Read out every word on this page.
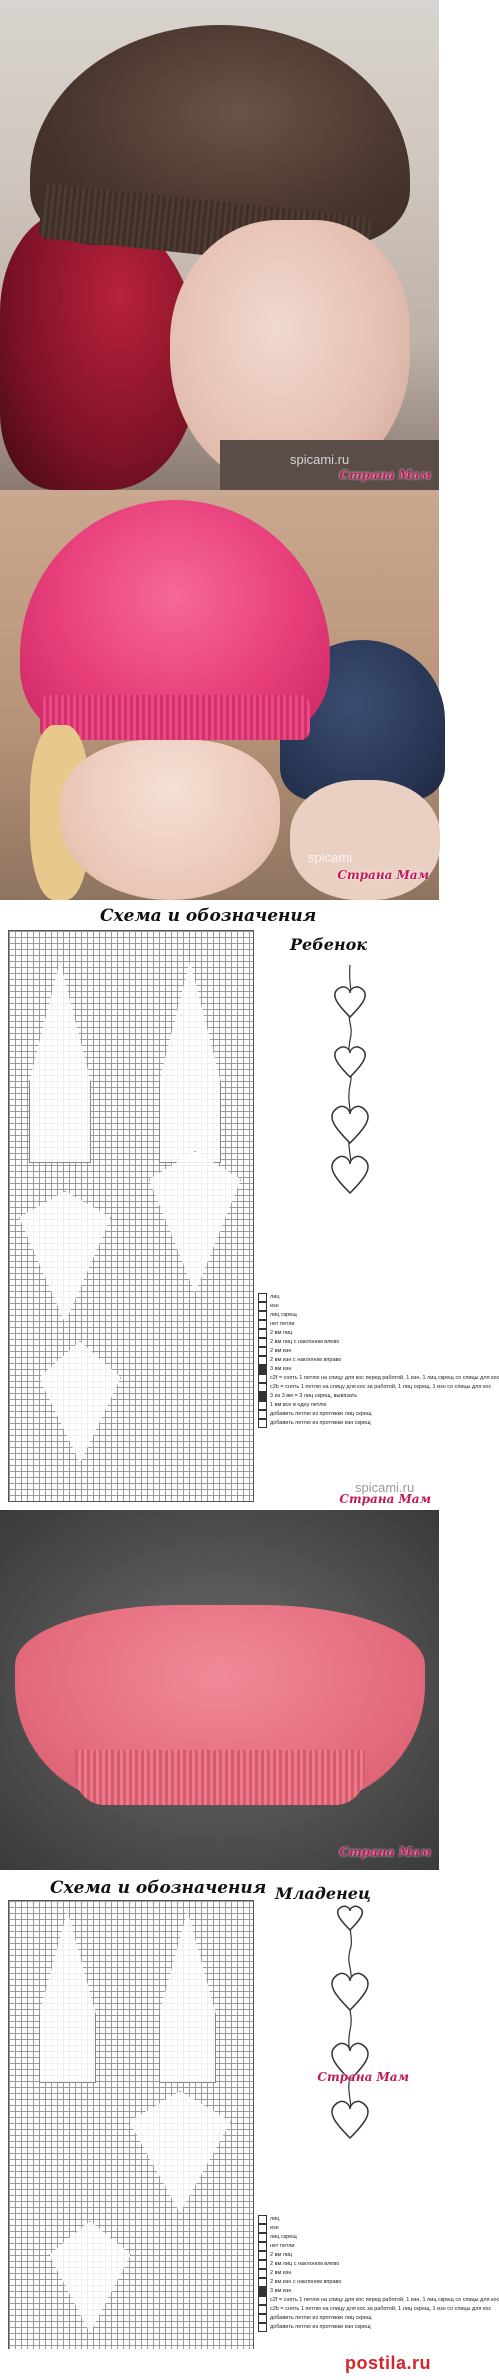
spicami.ru
Страна Мам
spicami
Страна Мам
Схема и обозначения
Ребенок
лиц
изн
лиц скрещ
нет петли
2 вм лиц
2 вм лиц с наклоном влево
2 вм изн
2 вм изн с наклоном вправо
3 вм изн
c2f = снять 1 петлю на спицу для кос перед работой, 1 изн, 1 лиц скрещ со спицы для кос
c2b = снять 1 петлю на спицу для кос за работой, 1 лиц скрещ, 1 изн со спицы для кос
3 из 3 вм = 3 лиц скрещ, вывязать
1 вм все в одну петлю
добавить петлю из протяжки лиц скрещ
добавить петлю из протяжки изн скрещ
spicami.ru
Страна Мам
Страна Мам
Схема и обозначения Младенец
лиц
изн
лиц скрещ
нет петли
2 вм лиц
2 вм лиц с наклоном влево
2 вм изн
2 вм изн с наклоном вправо
3 вм изн
c2f = снять 1 петлю на спицу для кос перед работой, 1 изн, 1 лиц скрещ со спицы для кос
c2b = снять 1 петлю на спицу для кос за работой, 1 лиц скрещ, 1 изн со спицы для кос
добавить петлю из протяжки лиц скрещ
добавить петлю из протяжки изн скрещ
Страна Мам
postila.ru
